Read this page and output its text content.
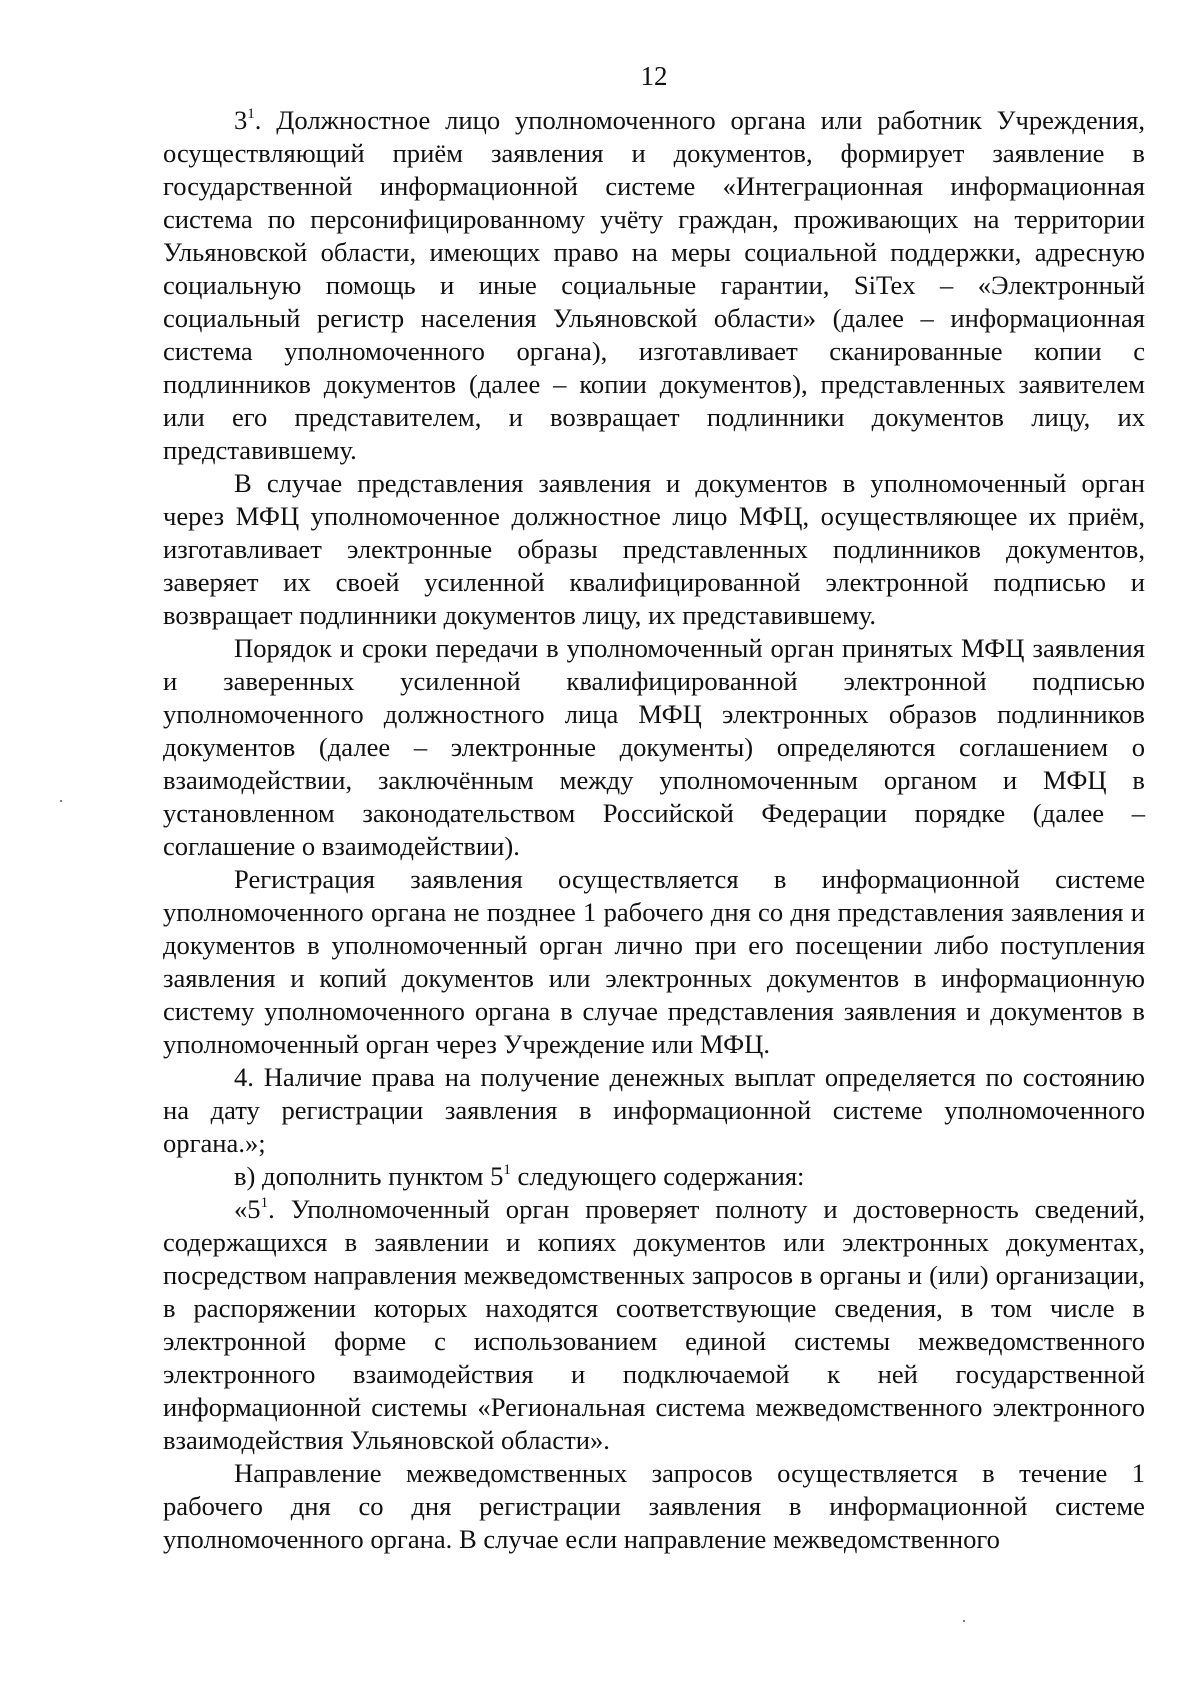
12

$3^1$. Должностное лицо уполномоченного органа или работник Учреждения, осуществляющий приём заявления и документов, формирует заявление в государственной информационной системе «Интеграционная информационная система по персонифицированному учёту граждан, проживающих на территории Ульяновской области, имеющих право на меры социальной поддержки, адресную социальную помощь и иные социальные гарантии, SiTex – «Электронный социальный регистр населения Ульяновской области» (далее – информационная система уполномоченного органа), изготавливает сканированные копии с подлинников документов (далее – копии документов), представленных заявителем или его представителем, и возвращает подлинники документов лицу, их представившему.

В случае представления заявления и документов в уполномоченный орган через МФЦ уполномоченное должностное лицо МФЦ, осуществляющее их приём, изготавливает электронные образы представленных подлинников документов, заверяет их своей усиленной квалифицированной электронной подписью и возвращает подлинники документов лицу, их представившему.

Порядок и сроки передачи в уполномоченный орган принятых МФЦ заявления и заверенных усиленной квалифицированной электронной подписью уполномоченного должностного лица МФЦ электронных образов подлинников документов (далее – электронные документы) определяются соглашением о взаимодействии, заключённым между уполномоченным органом и МФЦ в установленном законодательством Российской Федерации порядке (далее – соглашение о взаимодействии).

Регистрация заявления осуществляется в информационной системе уполномоченного органа не позднее 1 рабочего дня со дня представления заявления и документов в уполномоченный орган лично при его посещении либо поступления заявления и копий документов или электронных документов в информационную систему уполномоченного органа в случае представления заявления и документов в уполномоченный орган через Учреждение или МФЦ.

4. Наличие права на получение денежных выплат определяется по состоянию на дату регистрации заявления в информационной системе уполномоченного органа.»;

в) дополнить пунктом $5^1$ следующего содержания:

«$5^1$. Уполномоченный орган проверяет полноту и достоверность сведений, содержащихся в заявлении и копиях документов или электронных документах, посредством направления межведомственных запросов в органы и (или) организации, в распоряжении которых находятся соответствующие сведения, в том числе в электронной форме с использованием единой системы межведомственного электронного взаимодействия и подключаемой к ней государственной информационной системы «Региональная система межведомственного электронного взаимодействия Ульяновской области».

Направление межведомственных запросов осуществляется в течение 1 рабочего дня со дня регистрации заявления в информационной системе уполномоченного органа. В случае если направление межведомственного
